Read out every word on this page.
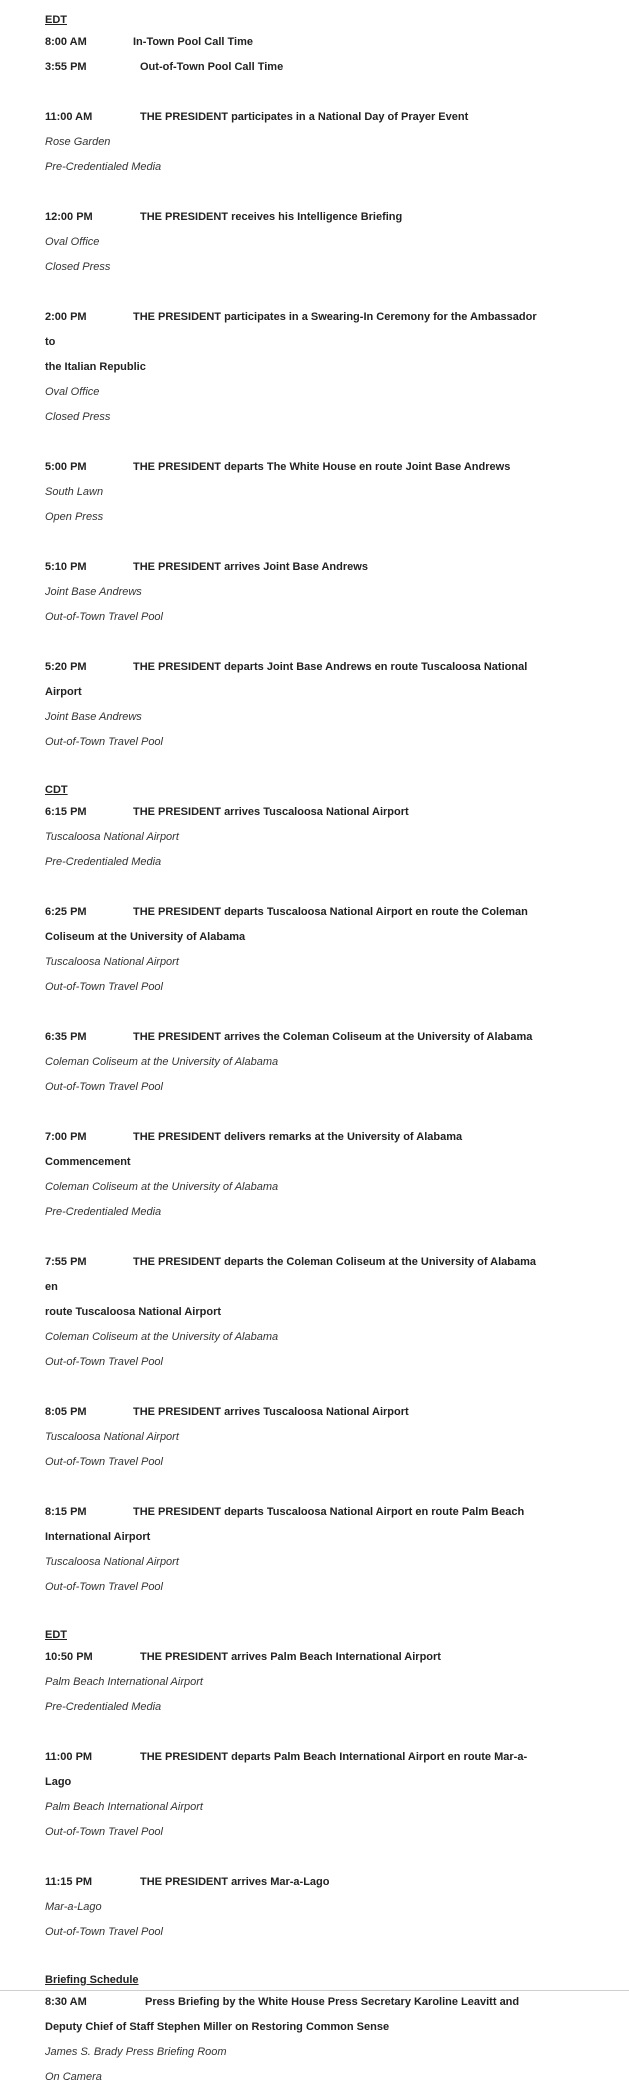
EDT
8:00 AM	In-Town Pool Call Time
3:55 PM	Out-of-Town Pool Call Time
11:00 AM	THE PRESIDENT participates in a National Day of Prayer Event
Rose Garden
Pre-Credentialed Media
12:00 PM	THE PRESIDENT receives his Intelligence Briefing
Oval Office
Closed Press
2:00 PM	THE PRESIDENT participates in a Swearing-In Ceremony for the Ambassador to
the Italian Republic
Oval Office
Closed Press
5:00 PM	THE PRESIDENT departs The White House en route Joint Base Andrews
South Lawn
Open Press
5:10 PM	THE PRESIDENT arrives Joint Base Andrews
Joint Base Andrews
Out-of-Town Travel Pool
5:20 PM	THE PRESIDENT departs Joint Base Andrews en route Tuscaloosa National
Airport
Joint Base Andrews
Out-of-Town Travel Pool
CDT
6:15 PM	THE PRESIDENT arrives Tuscaloosa National Airport
Tuscaloosa National Airport
Pre-Credentialed Media
6:25 PM	THE PRESIDENT departs Tuscaloosa National Airport en route the Coleman
Coliseum at the University of Alabama
Tuscaloosa National Airport
Out-of-Town Travel Pool
6:35 PM	THE PRESIDENT arrives the Coleman Coliseum at the University of Alabama
Coleman Coliseum at the University of Alabama
Out-of-Town Travel Pool
7:00 PM	THE PRESIDENT delivers remarks at the University of Alabama Commencement
Coleman Coliseum at the University of Alabama
Pre-Credentialed Media
7:55 PM	THE PRESIDENT departs the Coleman Coliseum at the University of Alabama en
route Tuscaloosa National Airport
Coleman Coliseum at the University of Alabama
Out-of-Town Travel Pool
8:05 PM	THE PRESIDENT arrives Tuscaloosa National Airport
Tuscaloosa National Airport
Out-of-Town Travel Pool
8:15 PM	THE PRESIDENT departs Tuscaloosa National Airport en route Palm Beach
International Airport
Tuscaloosa National Airport
Out-of-Town Travel Pool
EDT
10:50 PM	THE PRESIDENT arrives Palm Beach International Airport
Palm Beach International Airport
Pre-Credentialed Media
11:00 PM	THE PRESIDENT departs Palm Beach International Airport en route Mar-a-Lago
Palm Beach International Airport
Out-of-Town Travel Pool
11:15 PM	THE PRESIDENT arrives Mar-a-Lago
Mar-a-Lago
Out-of-Town Travel Pool
Briefing Schedule
8:30 AM	Press Briefing by the White House Press Secretary Karoline Leavitt and
Deputy Chief of Staff Stephen Miller on Restoring Common Sense
James S. Brady Press Briefing Room
On Camera
